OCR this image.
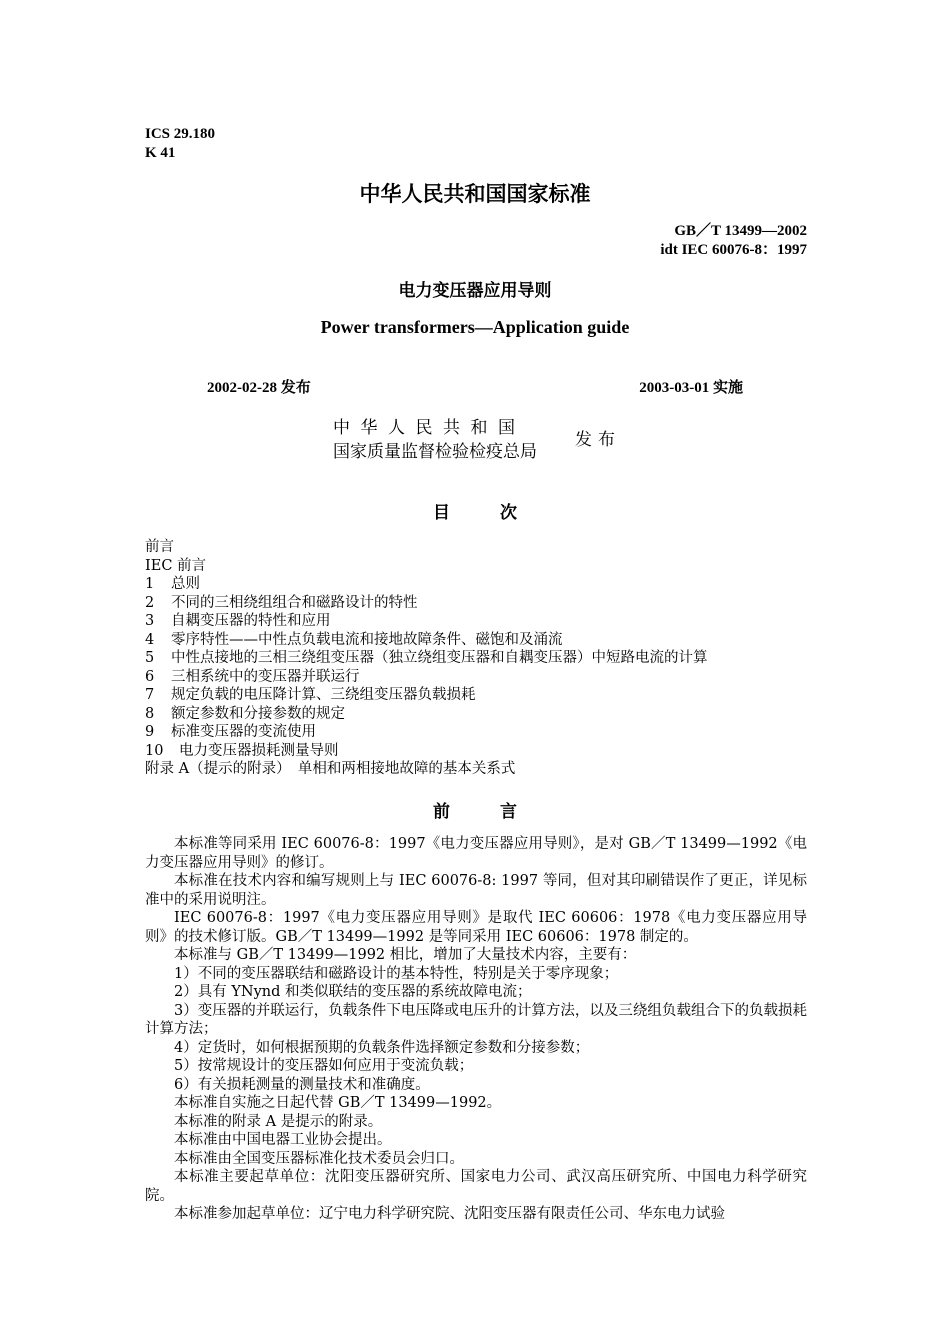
ICS 29.180
K 41
中华人民共和国国家标准
GB／T 13499—2002
idt IEC 60076-8：1997
电力变压器应用导则
Power transformers—Application guide
2002-02-28 发布	2003-03-01 实施
中华人民共和国
国家质量监督检验检疫总局
发布
目	次
前言
IEC 前言
1 总则
2 不同的三相绕组组合和磁路设计的特性
3 自耦变压器的特性和应用
4 零序特性——中性点负载电流和接地故障条件、磁饱和及涌流
5 中性点接地的三相三绕组变压器（独立绕组变压器和自耦变压器）中短路电流的计算
6 三相系统中的变压器并联运行
7 规定负载的电压降计算、三绕组变压器负载损耗
8 额定参数和分接参数的规定
9 标准变压器的变流使用
10 电力变压器损耗测量导则
附录 A（提示的附录）　单相和两相接地故障的基本关系式
前	言

本标准等同采用 IEC 60076-8：1997《电力变压器应用导则》，是对 GB／T 13499—1992《电力变压器应用导则》的修订。

本标准在技术内容和编写规则上与 IEC 60076-8: 1997 等同，但对其印刷错误作了更正，详见标准中的采用说明注。

IEC 60076-8：1997《电力变压器应用导则》是取代 IEC 60606：1978《电力变压器应用导则》的技术修订版。GB／T 13499—1992 是等同采用 IEC 60606：1978 制定的。

本标准与 GB／T 13499—1992 相比，增加了大量技术内容，主要有：

1）不同的变压器联结和磁路设计的基本特性，特别是关于零序现象；

2）具有 YNynd 和类似联结的变压器的系统故障电流；

3）变压器的并联运行，负载条件下电压降或电压升的计算方法，以及三绕组负载组合下的负载损耗计算方法；

4）定货时，如何根据预期的负载条件选择额定参数和分接参数；

5）按常规设计的变压器如何应用于变流负载；

6）有关损耗测量的测量技术和准确度。

本标准自实施之日起代替 GB／T 13499—1992。

本标准的附录 A 是提示的附录。

本标准由中国电器工业协会提出。

本标准由全国变压器标准化技术委员会归口。

本标准主要起草单位：沈阳变压器研究所、国家电力公司、武汉高压研究所、中国电力科学研究院。

本标准参加起草单位：辽宁电力科学研究院、沈阳变压器有限责任公司、华东电力试验
